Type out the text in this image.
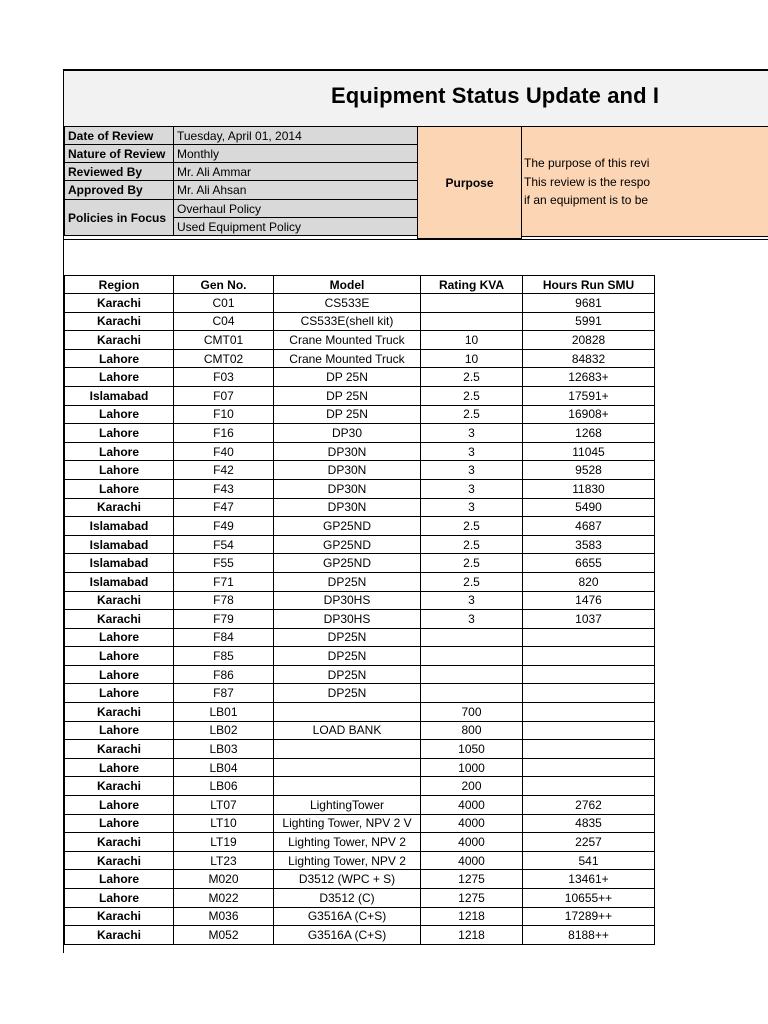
Equipment Status Update and I
Date of Review	Tuesday, April 01, 2014
Nature of Review	Monthly
Reviewed By	Mr. Ali Ammar
Approved By	Mr. Ali Ahsan
Policies in Focus	Overhaul Policy
	Used Equipment Policy
Purpose
The purpose of this revi
This review is the respo
if an equipment is to be
Region	Gen No.	Model	Rating KVA	Hours Run SMU
Karachi	C01	CS533E		9681
Karachi	C04	CS533E(shell kit)		5991
Karachi	CMT01	Crane Mounted Truck	10	20828
Lahore	CMT02	Crane Mounted Truck	10	84832
Lahore	F03	DP 25N	2.5	12683+
Islamabad	F07	DP 25N	2.5	17591+
Lahore	F10	DP 25N	2.5	16908+
Lahore	F16	DP30	3	1268
Lahore	F40	DP30N	3	11045
Lahore	F42	DP30N	3	9528
Lahore	F43	DP30N	3	11830
Karachi	F47	DP30N	3	5490
Islamabad	F49	GP25ND	2.5	4687
Islamabad	F54	GP25ND	2.5	3583
Islamabad	F55	GP25ND	2.5	6655
Islamabad	F71	DP25N	2.5	820
Karachi	F78	DP30HS	3	1476
Karachi	F79	DP30HS	3	1037
Lahore	F84	DP25N		
Lahore	F85	DP25N		
Lahore	F86	DP25N		
Lahore	F87	DP25N		
Karachi	LB01		700	
Lahore	LB02	LOAD BANK	800	
Karachi	LB03		1050	
Lahore	LB04		1000	
Karachi	LB06		200	
Lahore	LT07	LightingTower	4000	2762
Lahore	LT10	Lighting Tower, NPV 2 V	4000	4835
Karachi	LT19	Lighting Tower, NPV 2	4000	2257
Karachi	LT23	Lighting Tower, NPV 2	4000	541
Lahore	M020	D3512 (WPC + S)	1275	13461+
Lahore	M022	D3512 (C)	1275	10655++
Karachi	M036	G3516A (C+S)	1218	17289++
Karachi	M052	G3516A (C+S)	1218	8188++
